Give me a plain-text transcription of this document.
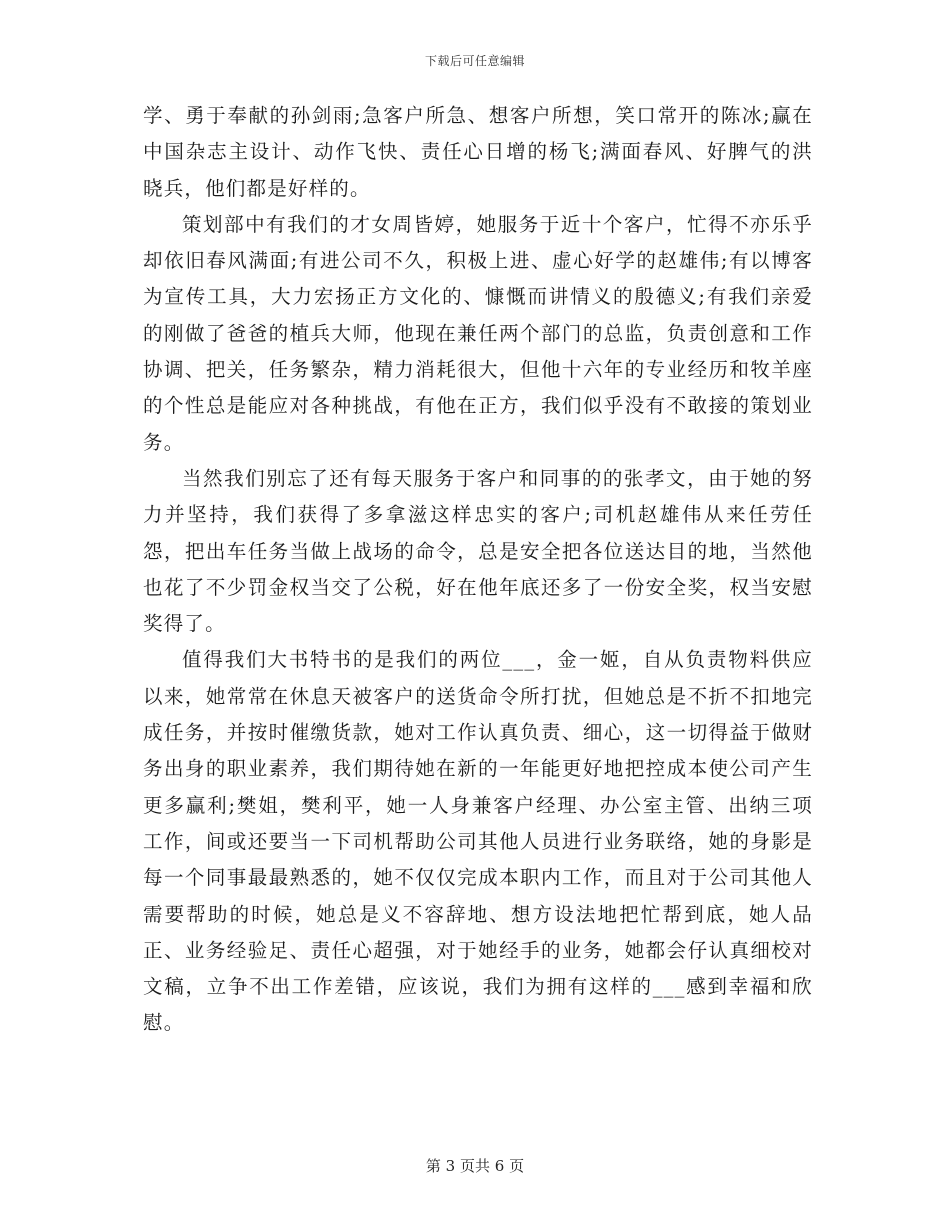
下载后可任意编辑

学、勇于奉献的孙剑雨;急客户所急、想客户所想，笑口常开的陈冰;赢在中国杂志主设计、动作飞快、责任心日增的杨飞;满面春风、好脾气的洪晓兵，他们都是好样的。

策划部中有我们的才女周皆婷，她服务于近十个客户，忙得不亦乐乎却依旧春风满面;有进公司不久，积极上进、虚心好学的赵雄伟;有以博客为宣传工具，大力宏扬正方文化的、慷慨而讲情义的殷德义;有我们亲爱的刚做了爸爸的植兵大师，他现在兼任两个部门的总监，负责创意和工作协调、把关，任务繁杂，精力消耗很大，但他十六年的专业经历和牧羊座的个性总是能应对各种挑战，有他在正方，我们似乎没有不敢接的策划业务。

当然我们别忘了还有每天服务于客户和同事的的张孝文，由于她的努力并坚持，我们获得了多拿滋这样忠实的客户;司机赵雄伟从来任劳任怨，把出车任务当做上战场的命令，总是安全把各位送达目的地，当然他也花了不少罚金权当交了公税，好在他年底还多了一份安全奖，权当安慰奖得了。

值得我们大书特书的是我们的两位___，金一姬，自从负责物料供应以来，她常常在休息天被客户的送货命令所打扰，但她总是不折不扣地完成任务，并按时催缴货款，她对工作认真负责、细心，这一切得益于做财务出身的职业素养，我们期待她在新的一年能更好地把控成本使公司产生更多赢利;樊姐，樊利平，她一人身兼客户经理、办公室主管、出纳三项工作，间或还要当一下司机帮助公司其他人员进行业务联络，她的身影是每一个同事最最熟悉的，她不仅仅完成本职内工作，而且对于公司其他人需要帮助的时候，她总是义不容辞地、想方设法地把忙帮到底，她人品正、业务经验足、责任心超强，对于她经手的业务，她都会仔认真细校对文稿，立争不出工作差错，应该说，我们为拥有这样的___感到幸福和欣慰。

第 3 页共 6 页
